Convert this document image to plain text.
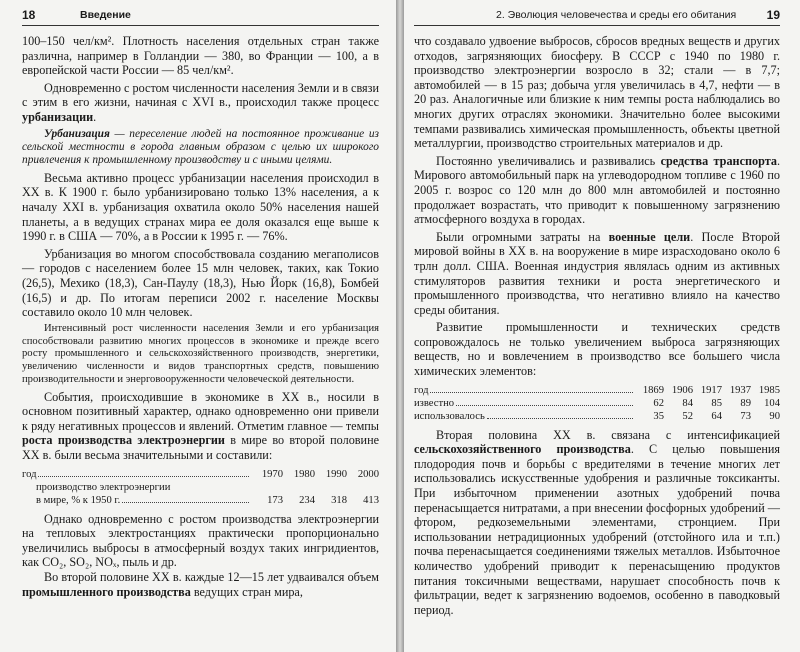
18	Введение

100–150 чел/км². Плотность населения отдельных стран также различна, например в Голландии — 380, во Франции — 100, а в европейской части России — 85 чел/км².

Одновременно с ростом численности населения Земли и в связи с этим в его жизни, начиная с XVI в., происходил также процесс урбанизации.

Урбанизация — переселение людей на постоянное проживание из сельской местности в города главным образом с целью их широкого привлечения к промышленному производству и с иными целями.

Весьма активно процесс урбанизации населения происходил в XX в. К 1900 г. было урбанизировано только 13% населения, а к началу XXI в. урбанизация охватила около 50% населения нашей планеты, а в ведущих странах мира ее доля оказался еще выше к 1990 г. в США — 70%, а в России к 1995 г. — 76%.

Урбанизация во многом способствовала созданию мегаполисов — городов с населением более 15 млн человек, таких, как Токио (26,5), Мехико (18,3), Сан-Паулу (18,3), Нью Йорк (16,8), Бомбей (16,5) и др. По итогам переписи 2002 г. население Москвы составило около 10 млн человек.

Интенсивный рост численности населения Земли и его урбанизация способствовали развитию многих процессов в экономике и прежде всего росту промышленного и сельскохозяйственного производств, энергетики, увеличению численности и видов транспортных средств, повышению производительности и энерговооруженности человеческой деятельности.

События, происходившие в экономике в XX в., носили в основном позитивный характер, однако одновременно они привели к ряду негативных процессов и явлений. Отметим главное — темпы роста производства электроэнергии в мире во второй половине XX в. были весьма значительными и составили:

год	1970	1980	1990	2000
производство электроэнергии
в мире, % к 1950 г.	173	234	318	413

Однако одновременно с ростом производства электроэнергии на тепловых электростанциях практически пропорционально увеличились выбросы в атмосферный воздух таких ингридиентов, как CO₂, SO₂, NOₓ, пыль и др.

Во второй половине XX в. каждые 12—15 лет удваивался объем промышленного производства ведущих стран мира,

2. Эволюция человечества и среды его обитания	19

что создавало удвоение выбросов, сбросов вредных веществ и других отходов, загрязняющих биосферу. В СССР с 1940 по 1980 г. производство электроэнергии возросло в 32; стали — в 7,7; автомобилей — в 15 раз; добыча угля увеличилась в 4,7, нефти — в 20 раз. Аналогичные или близкие к ним темпы роста наблюдались во многих других отраслях экономики. Значительно более высокими темпами развивались химическая промышленность, объекты цветной металлургии, производство строительных материалов и др.

Постоянно увеличивались и развивались средства транспорта. Мирового автомобильный парк на углеводородном топливе с 1960 по 2005 г. возрос со 120 млн до 800 млн автомобилей и постоянно продолжает возрастать, что приводит к повышенному загрязнению атмосферного воздуха в городах.

Были огромными затраты на военные цели. После Второй мировой войны в XX в. на вооружение в мире израсходовано около 6 трлн долл. США. Военная индустрия являлась одним из активных стимуляторов развития техники и роста энергетического и промышленного производства, что негативно влияло на качество среды обитания.

Развитие промышленности и технических средств сопровождалось не только увеличением выброса загрязняющих веществ, но и вовлечением в производство все большего числа химических элементов:

год	1869 1906 1917 1937 1985
известно	62	84	85	89	104
использовалось	35	52	64	73	90

Вторая половина XX в. связана с интенсификацией сельскохозяйственного производства. С целью повышения плодородия почв и борьбы с вредителями в течение многих лет использовались искусственные удобрения и различные токсиканты. При избыточном применении азотных удобрений почва перенасыщается нитратами, а при внесении фосфорных удобрений — фтором, редкоземельными элементами, стронцием. При использовании нетрадиционных удобрений (отстойного ила и т.п.) почва перенасыщается соединениями тяжелых металлов. Избыточное количество удобрений приводит к перенасыщению продуктов питания токсичными веществами, нарушает способность почв к фильтрации, ведет к загрязнению водоемов, особенно в паводковый период.
